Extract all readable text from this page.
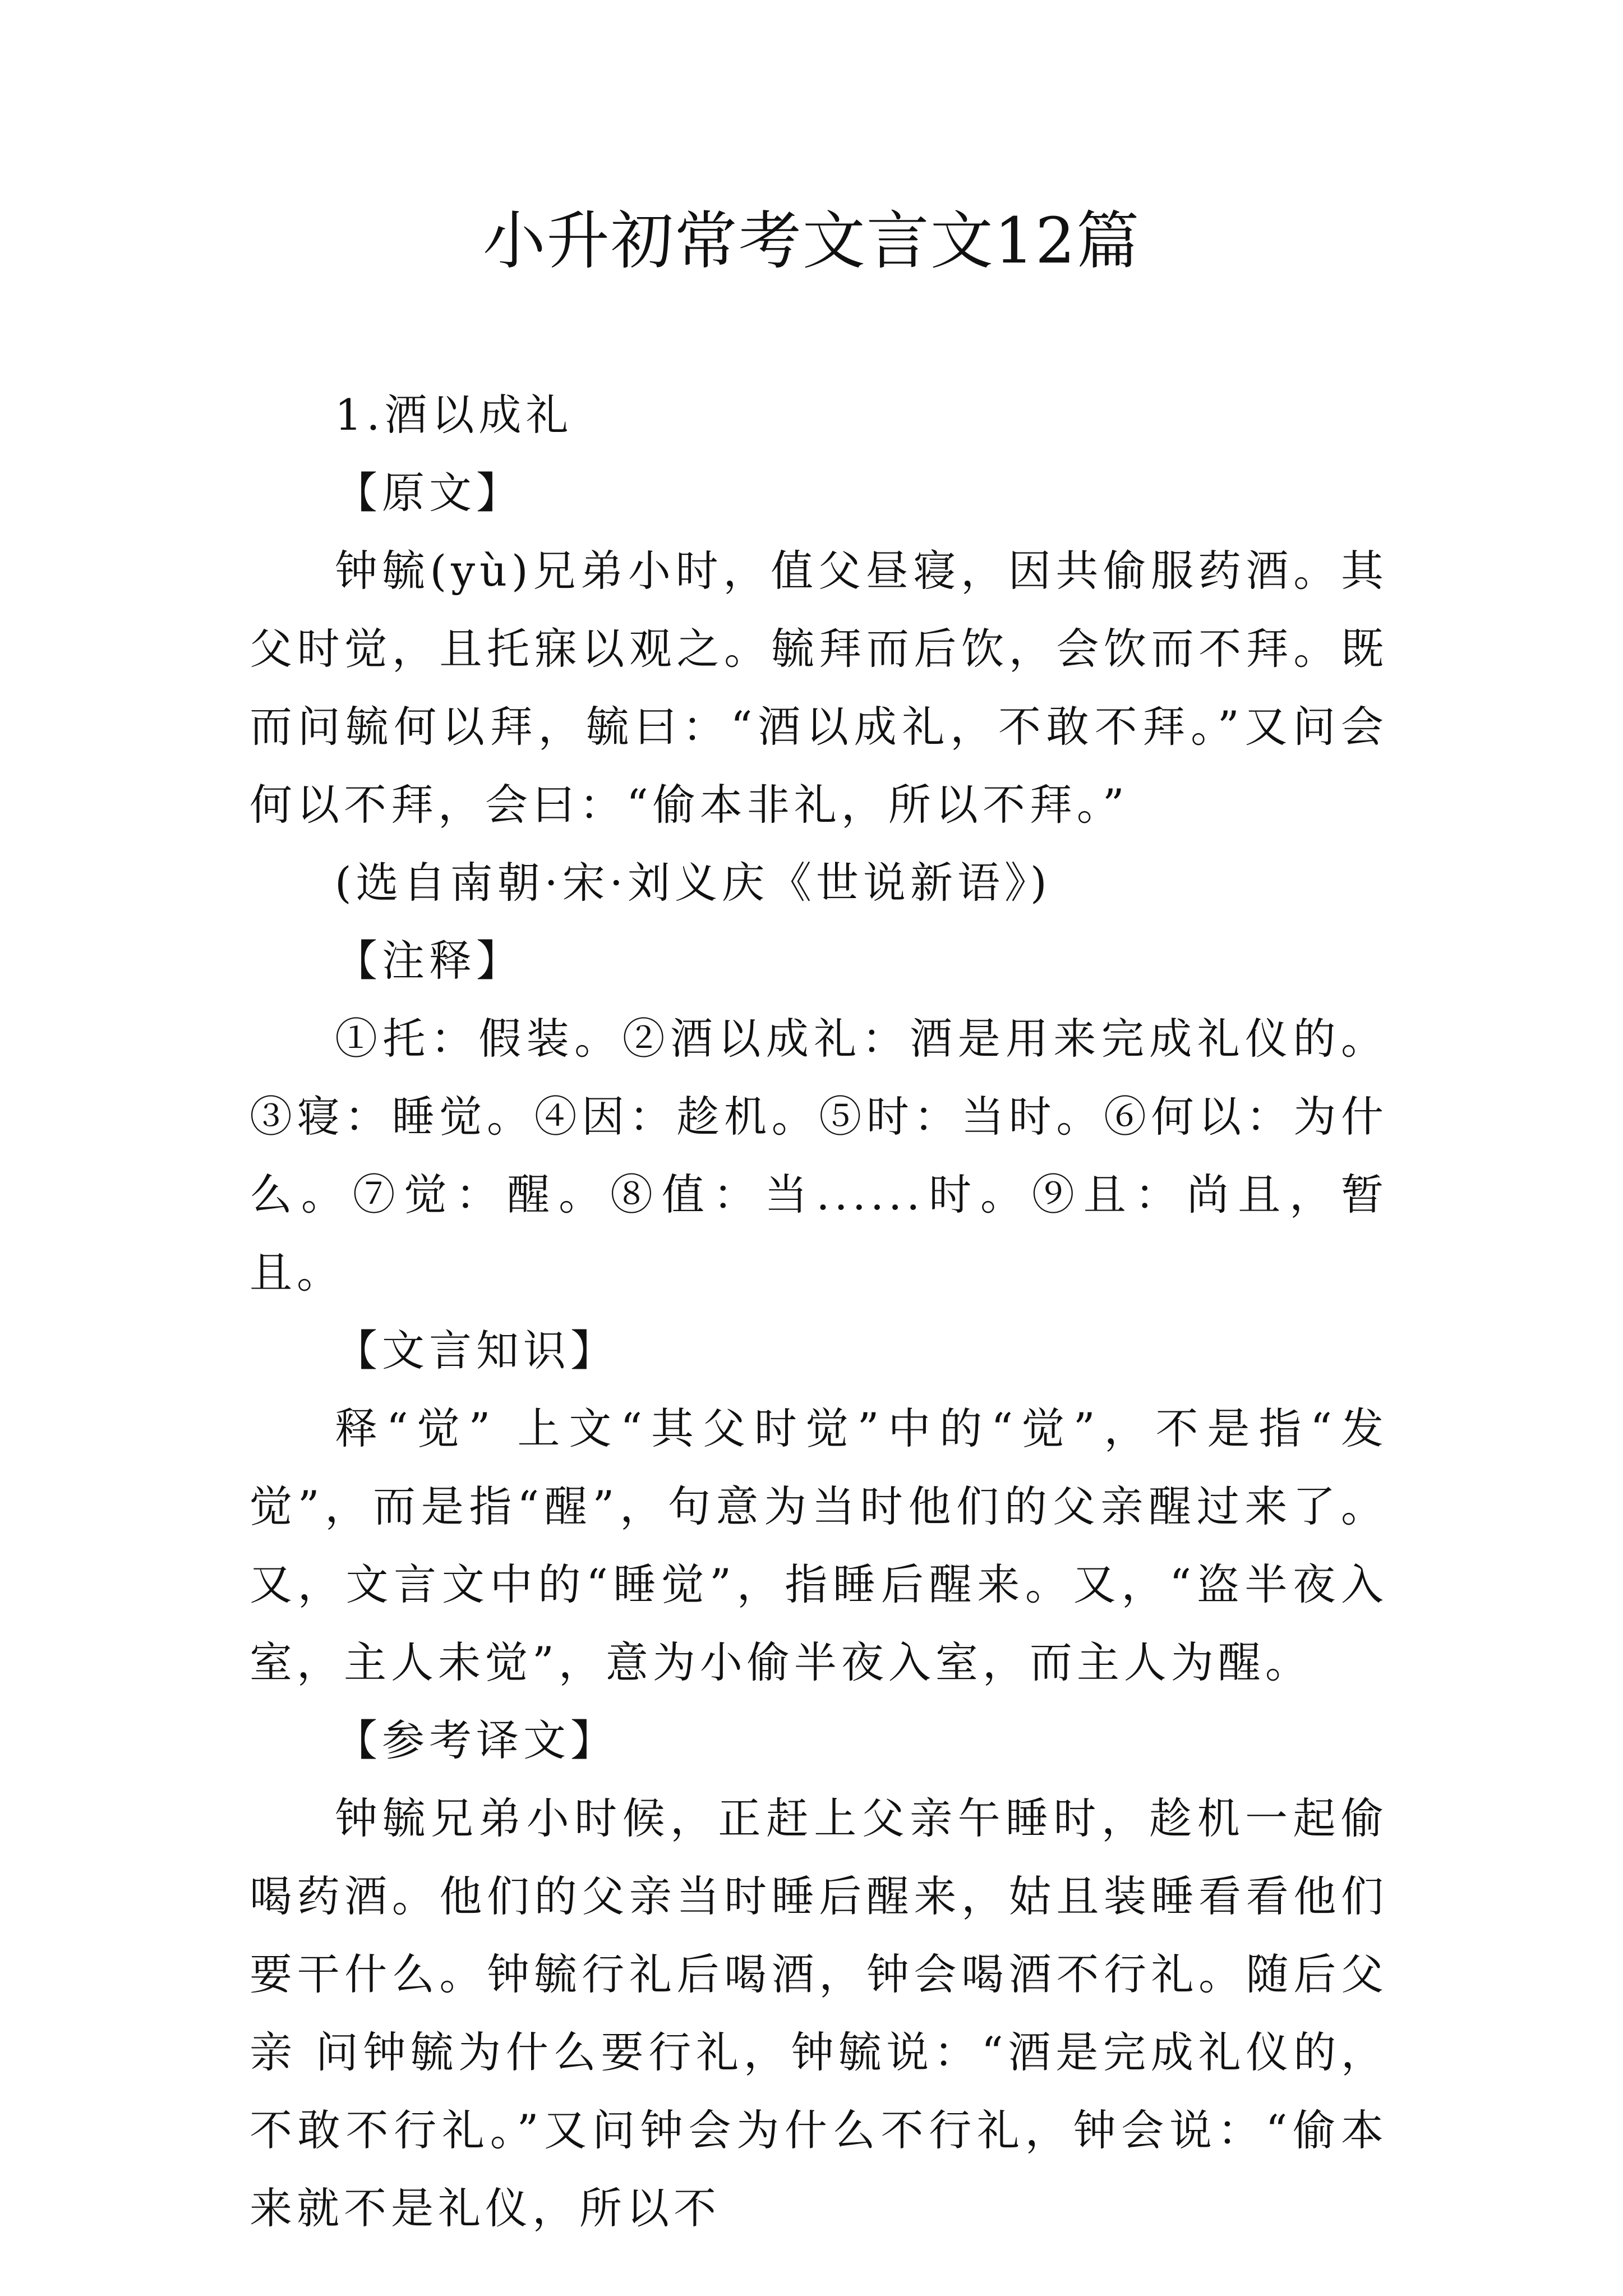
小升初常考文言文12篇

1.酒以成礼

【原文】

钟毓(yù)兄弟小时，值父昼寝，因共偷服药酒。其父时觉，且托寐以观之。毓拜而后饮，会饮而不拜。既而问毓何以拜，毓曰：“酒以成礼，不敢不拜。”又问会何以不拜，会曰：“偷本非礼，所以不拜。”

(选自南朝·宋·刘义庆《世说新语》)

【注释】

①托：假装。②酒以成礼：酒是用来完成礼仪的。③寝：睡觉。④因：趁机。⑤时：当时。⑥何以：为什么。⑦觉：醒。⑧值：当......时。⑨且：尚且，暂且。

【文言知识】

释“觉” 上文“其父时觉”中的“觉”，不是指“发觉”，而是指“醒”，句意为当时他们的父亲醒过来了。又，文言文中的“睡觉”，指睡后醒来。又，“盗半夜入室，主人未觉”，意为小偷半夜入室，而主人为醒。

【参考译文】

钟毓兄弟小时候，正赶上父亲午睡时，趁机一起偷喝药酒。他们的父亲当时睡后醒来，姑且装睡看看他们要干什么。钟毓行礼后喝酒，钟会喝酒不行礼。随后父亲 问钟毓为什么要行礼，钟毓说：“酒是完成礼仪的，不敢不行礼。”又问钟会为什么不行礼，钟会说：“偷本来就不是礼仪，所以不
